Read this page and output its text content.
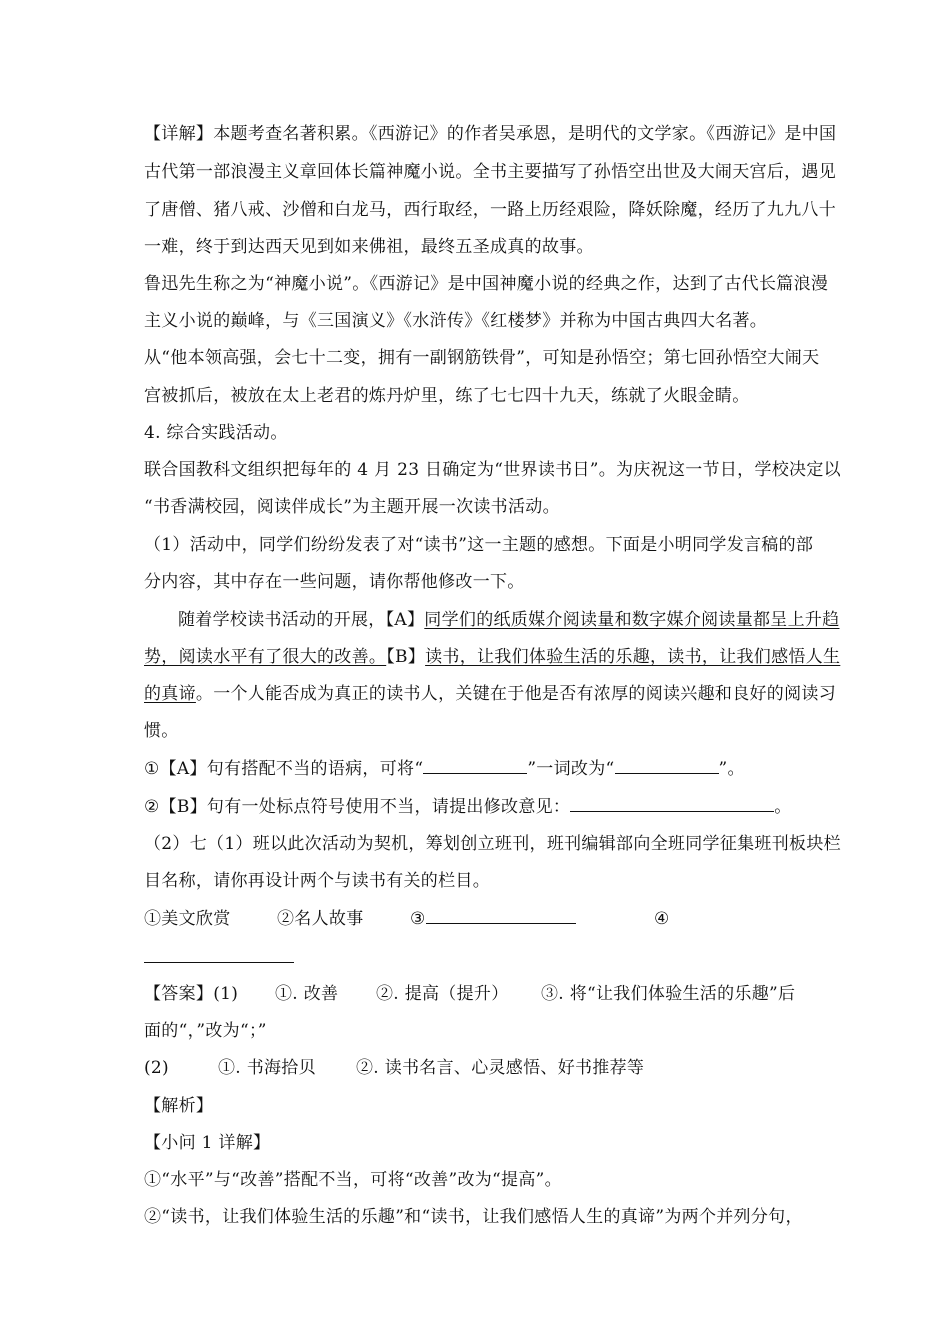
【详解】本题考查名著积累。《西游记》的作者吴承恩，是明代的文学家。《西游记》是中国
古代第一部浪漫主义章回体长篇神魔小说。全书主要描写了孙悟空出世及大闹天宫后，遇见
了唐僧、猪八戒、沙僧和白龙马，西行取经，一路上历经艰险，降妖除魔，经历了九九八十
一难，终于到达西天见到如来佛祖，最终五圣成真的故事。
鲁迅先生称之为“神魔小说”。《西游记》是中国神魔小说的经典之作，达到了古代长篇浪漫
主义小说的巅峰，与《三国演义》《水浒传》《红楼梦》并称为中国古典四大名著。
从“他本领高强，会七十二变，拥有一副钢筋铁骨”，可知是孙悟空；第七回孙悟空大闹天
宫被抓后，被放在太上老君的炼丹炉里，练了七七四十九天，练就了火眼金睛。
4. 综合实践活动。
联合国教科文组织把每年的 4 月 23 日确定为“世界读书日”。为庆祝这一节日，学校决定以
“书香满校园，阅读伴成长”为主题开展一次读书活动。
（1）活动中，同学们纷纷发表了对“读书”这一主题的感想。下面是小明同学发言稿的部
分内容，其中存在一些问题，请你帮他修改一下。
随着学校读书活动的开展，【A】同学们的纸质媒介阅读量和数字媒介阅读量都呈上升趋
势，阅读水平有了很大的改善。【B】读书，让我们体验生活的乐趣，读书，让我们感悟人生
的真谛。一个人能否成为真正的读书人，关键在于他是否有浓厚的阅读兴趣和良好的阅读习
惯。
①【A】句有搭配不当的语病，可将“	”一词改为“	”。
②【B】句有一处标点符号使用不当，请提出修改意见：	。
（2）七（1）班以此次活动为契机，筹划创立班刊，班刊编辑部向全班同学征集班刊板块栏
目名称，请你再设计两个与读书有关的栏目。
①美文欣赏	②名人故事	③	④
【答案】(1) ①. 改善 ②. 提高（提升） ③. 将“让我们体验生活的乐趣”后
面的“，”改为“；”
(2)	①. 书海拾贝 ②. 读书名言、心灵感悟、好书推荐等
【解析】
【小问 1 详解】
①“水平”与“改善”搭配不当，可将“改善”改为“提高”。
②“读书，让我们体验生活的乐趣”和“读书，让我们感悟人生的真谛”为两个并列分句，
